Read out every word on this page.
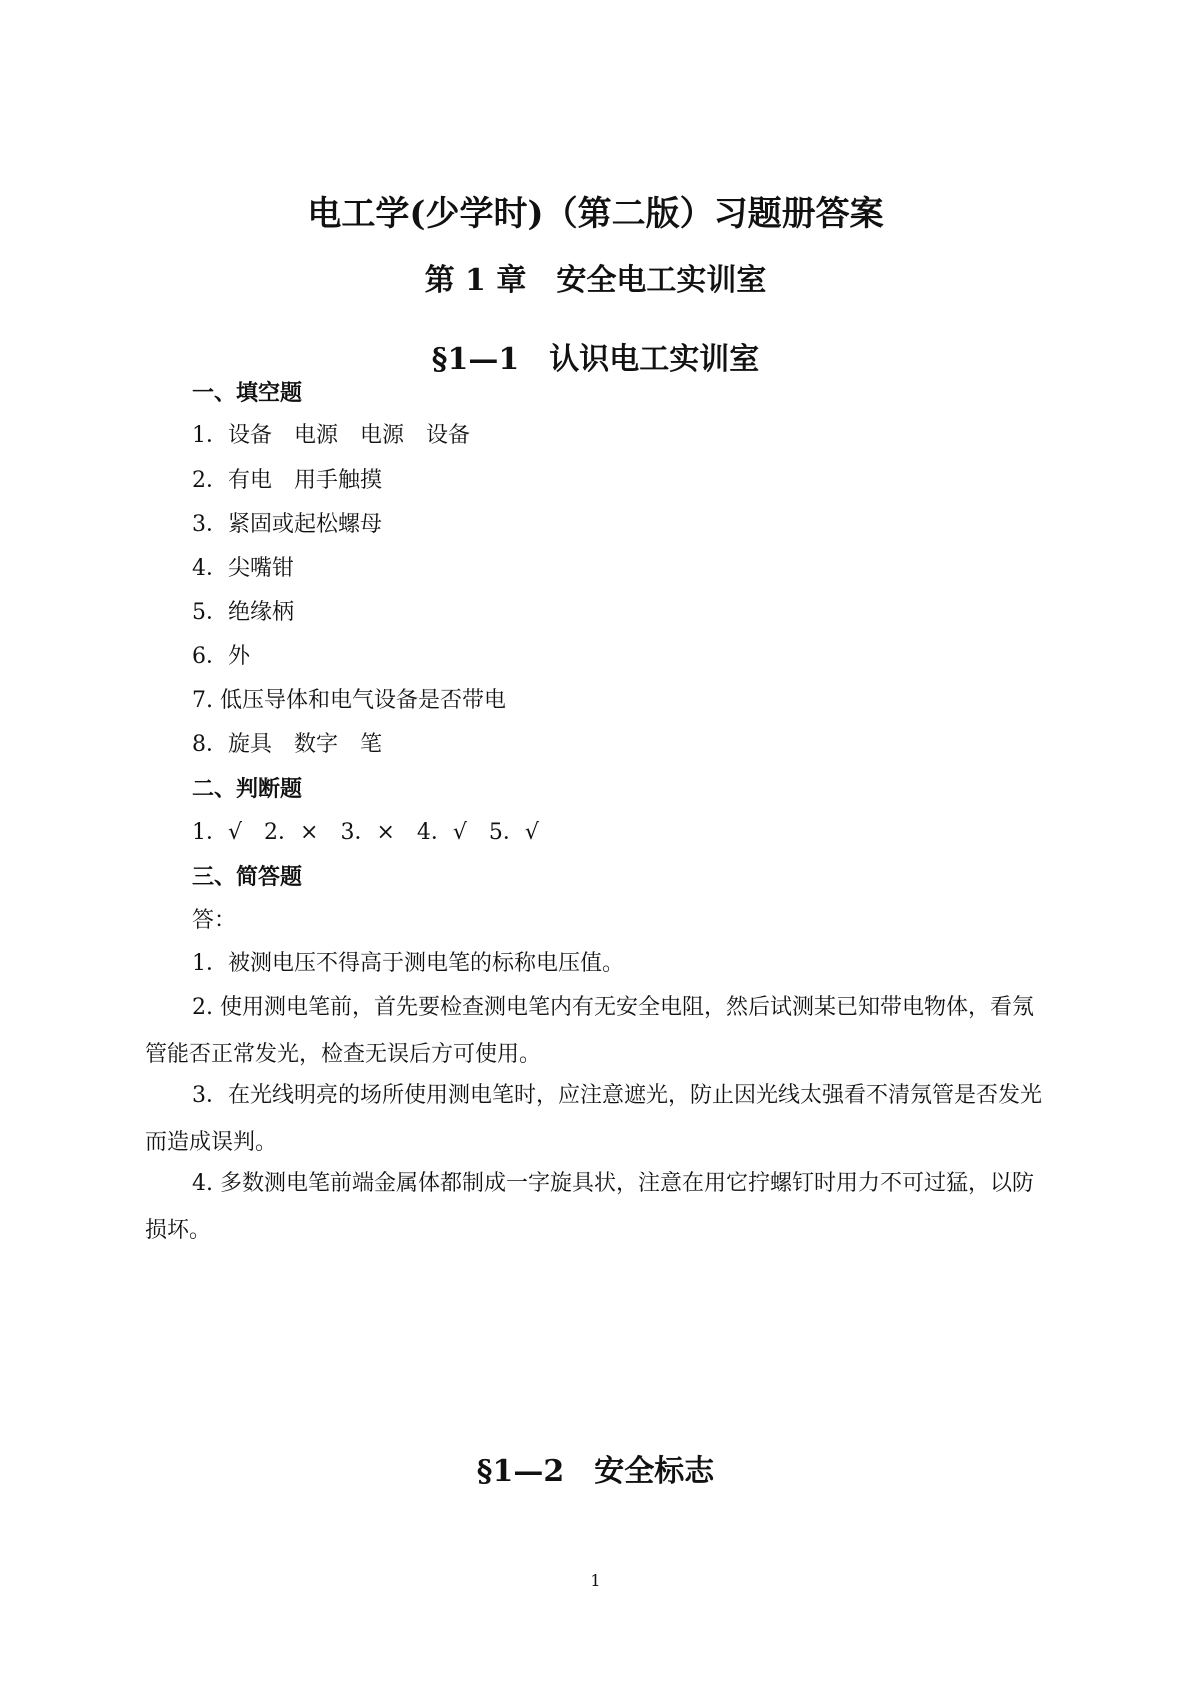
电工学(少学时)（第二版）习题册答案
第 1 章　安全电工实训室
§1—1　认识电工实训室
一、填空题
1．设备　电源　电源　设备
2．有电　用手触摸
3．紧固或起松螺母
4．尖嘴钳
5．绝缘柄
6．外
7. 低压导体和电气设备是否带电
8．旋具　数字　笔
二、判断题
1．√　2．×　3．×　4．√　5．√
三、简答题
答：
1．被测电压不得高于测电笔的标称电压值。
2. 使用测电笔前，首先要检查测电笔内有无安全电阻，然后试测某已知带电物体，看氖管能否正常发光，检查无误后方可使用。
3．在光线明亮的场所使用测电笔时，应注意遮光，防止因光线太强看不清氖管是否发光而造成误判。
4. 多数测电笔前端金属体都制成一字旋具状，注意在用它拧螺钉时用力不可过猛，以防损坏。
§1—2　安全标志
1
